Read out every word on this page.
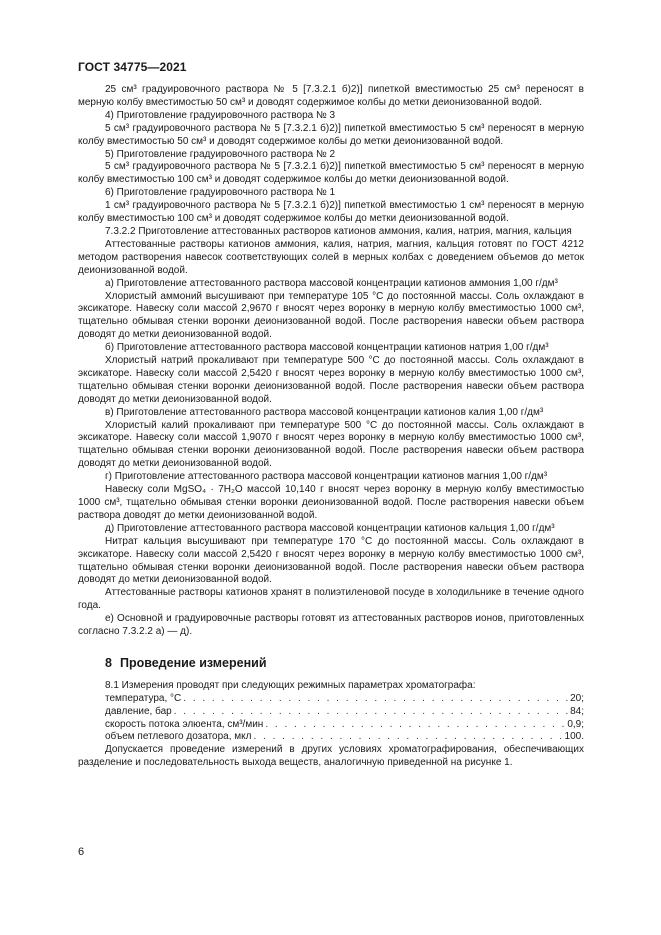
ГОСТ 34775—2021

25 см³ градуировочного раствора № 5 [7.3.2.1 б)2)] пипеткой вместимостью 25 см³ переносят в мерную колбу вместимостью 50 см³ и доводят содержимое колбы до метки деионизованной водой.

4) Приготовление градуировочного раствора № 3

5 см³ градуировочного раствора № 5 [7.3.2.1 б)2)] пипеткой вместимостью 5 см³ переносят в мерную колбу вместимостью 50 см³ и доводят содержимое колбы до метки деионизованной водой.

5) Приготовление градуировочного раствора № 2

5 см³ градуировочного раствора № 5 [7.3.2.1 б)2)] пипеткой вместимостью 5 см³ переносят в мерную колбу вместимостью 100 см³ и доводят содержимое колбы до метки деионизованной водой.

6) Приготовление градуировочного раствора № 1

1 см³ градуировочного раствора № 5 [7.3.2.1 б)2)] пипеткой вместимостью 1 см³ переносят в мерную колбу вместимостью 100 см³ и доводят содержимое колбы до метки деионизованной водой.

7.3.2.2 Приготовление аттестованных растворов катионов аммония, калия, натрия, магния, кальция

Аттестованные растворы катионов аммония, калия, натрия, магния, кальция готовят по ГОСТ 4212 методом растворения навесок соответствующих солей в мерных колбах с доведением объемов до меток деионизованной водой.

а) Приготовление аттестованного раствора массовой концентрации катионов аммония 1,00 г/дм³

Хлористый аммоний высушивают при температуре 105 °С до постоянной массы. Соль охлаждают в эксикаторе. Навеску соли массой 2,9670 г вносят через воронку в мерную колбу вместимостью 1000 см³, тщательно обмывая стенки воронки деионизованной водой. После растворения навески объем раствора доводят до метки деионизованной водой.

б) Приготовление аттестованного раствора массовой концентрации катионов натрия 1,00 г/дм³

Хлористый натрий прокаливают при температуре 500 °С до постоянной массы. Соль охлаждают в эксикаторе. Навеску соли массой 2,5420 г вносят через воронку в мерную колбу вместимостью 1000 см³, тщательно обмывая стенки воронки деионизованной водой. После растворения навески объем раствора доводят до метки деионизованной водой.

в) Приготовление аттестованного раствора массовой концентрации катионов калия 1,00 г/дм³

Хлористый калий прокаливают при температуре 500 °С до постоянной массы. Соль охлаждают в эксикаторе. Навеску соли массой 1,9070 г вносят через воронку в мерную колбу вместимостью 1000 см³, тщательно обмывая стенки воронки деионизованной водой. После растворения навески объем раствора доводят до метки деионизованной водой.

г) Приготовление аттестованного раствора массовой концентрации катионов магния 1,00 г/дм³

Навеску соли MgSO₄ · 7H₂O массой 10,140 г вносят через воронку в мерную колбу вместимостью 1000 см³, тщательно обмывая стенки воронки деионизованной водой. После растворения навески объем раствора доводят до метки деионизованной водой.

д) Приготовление аттестованного раствора массовой концентрации катионов кальция 1,00 г/дм³

Нитрат кальция высушивают при температуре 170 °С до постоянной массы. Соль охлаждают в эксикаторе. Навеску соли массой 2,5420 г вносят через воронку в мерную колбу вместимостью 1000 см³, тщательно обмывая стенки воронки деионизованной водой. После растворения навески объем раствора доводят до метки деионизованной водой.

Аттестованные растворы катионов хранят в полиэтиленовой посуде в холодильнике в течение одного года.

е) Основной и градуировочные растворы готовят из аттестованных растворов ионов, приготовленных согласно 7.3.2.2 а) — д).

8 Проведение измерений

8.1 Измерения проводят при следующих режимных параметрах хроматографа:

температура, °С . . .	20;
давление, бар . . .	84;
скорость потока элюента, см³/мин . . .	0,9;
объем петлевого дозатора, мкл . . .	100.

Допускается проведение измерений в других условиях хроматографирования, обеспечивающих разделение и последовательность выхода веществ, аналогичную приведенной на рисунке 1.

6
